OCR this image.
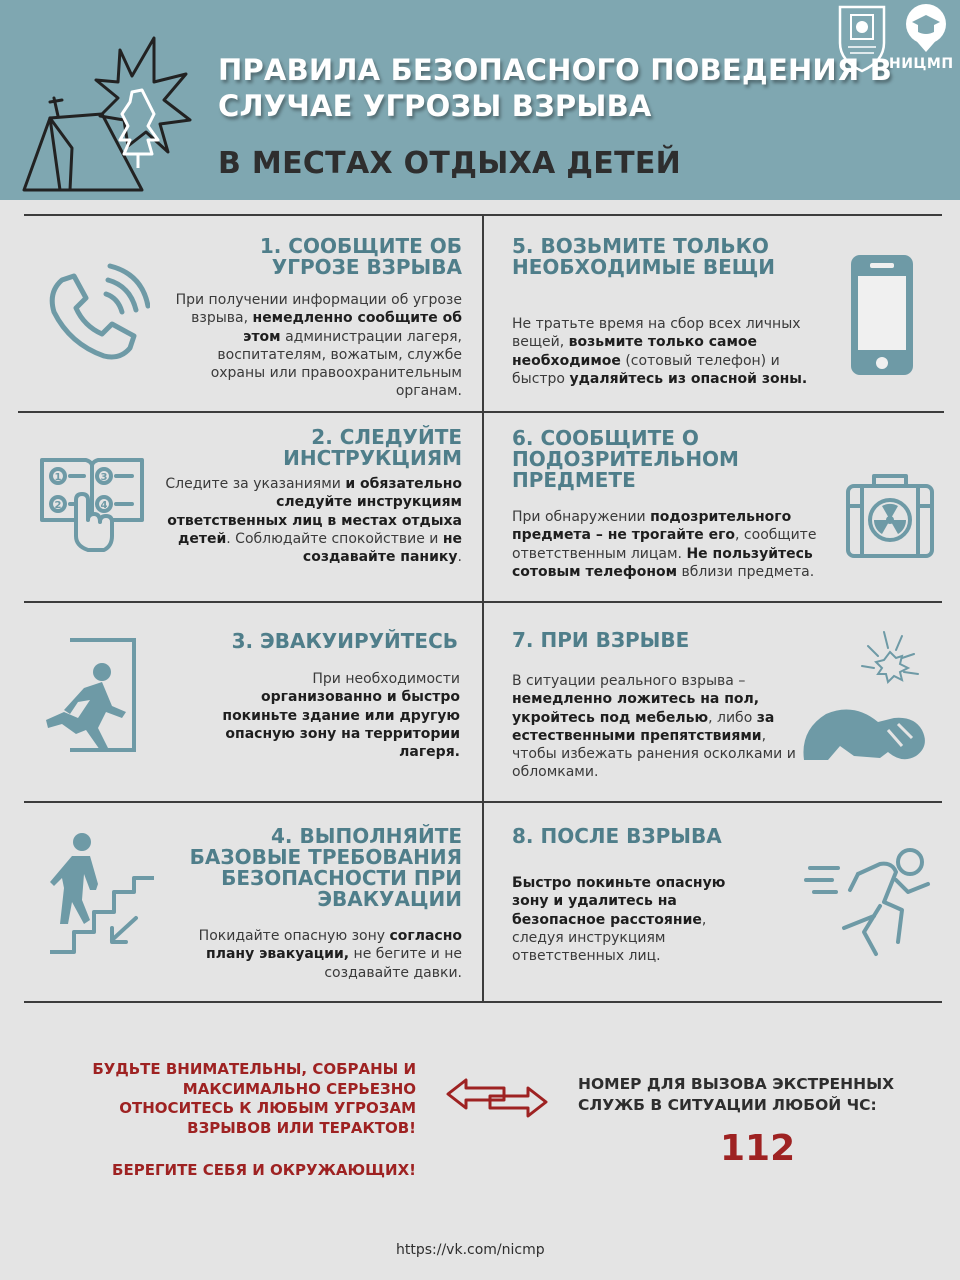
ПРАВИЛА БЕЗОПАСНОГО ПОВЕДЕНИЯ В СЛУЧАЕ УГРОЗЫ ВЗРЫВА
В МЕСТАХ ОТДЫХА ДЕТЕЙ
НИЦМП
1. СООБЩИТЕ ОБ УГРОЗЕ ВЗРЫВА
При получении информации об угрозе взрыва, немедленно сообщите об этом администрации лагеря, воспитателям, вожатым, службе охраны или правоохранительным органам.
1
2
3
4
2. СЛЕДУЙТЕ ИНСТРУКЦИЯМ
Следите за указаниями и обязательно следуйте инструкциям ответственных лиц в местах отдыха детей. Соблюдайте спокойствие и не создавайте панику.
3. ЭВАКУИРУЙТЕСЬ
При необходимости организованно и быстро покиньте здание или другую опасную зону на территории лагеря.
4. ВЫПОЛНЯЙТЕ БАЗОВЫЕ ТРЕБОВАНИЯ БЕЗОПАСНОСТИ ПРИ ЭВАКУАЦИИ
Покидайте опасную зону согласно плану эвакуации, не бегите и не создавайте давки.
5. ВОЗЬМИТЕ ТОЛЬКО НЕОБХОДИМЫЕ ВЕЩИ
Не тратьте время на сбор всех личных вещей, возьмите только самое необходимое (сотовый телефон) и быстро удаляйтесь из опасной зоны.
6. СООБЩИТЕ О ПОДОЗРИТЕЛЬНОМ ПРЕДМЕТЕ
При обнаружении подозрительного предмета – не трогайте его, сообщите ответственным лицам. Не пользуйтесь сотовым телефоном вблизи предмета.
7. ПРИ ВЗРЫВЕ
В ситуации реального взрыва – немедленно ложитесь на пол, укройтесь под мебелью, либо за естественными препятствиями, чтобы избежать ранения осколками и обломками.
8. ПОСЛЕ ВЗРЫВА
Быстро покиньте опасную зону и удалитесь на безопасное расстояние, следуя инструкциям ответственных лиц.
БУДЬТЕ ВНИМАТЕЛЬНЫ, СОБРАНЫ И МАКСИМАЛЬНО СЕРЬЕЗНО ОТНОСИТЕСЬ К ЛЮБЫМ УГРОЗАМ ВЗРЫВОВ ИЛИ ТЕРАКТОВ!
БЕРЕГИТЕ СЕБЯ И ОКРУЖАЮЩИХ!
НОМЕР ДЛЯ ВЫЗОВА ЭКСТРЕННЫХ СЛУЖБ В СИТУАЦИИ ЛЮБОЙ ЧС:
112
https://vk.com/nicmp
